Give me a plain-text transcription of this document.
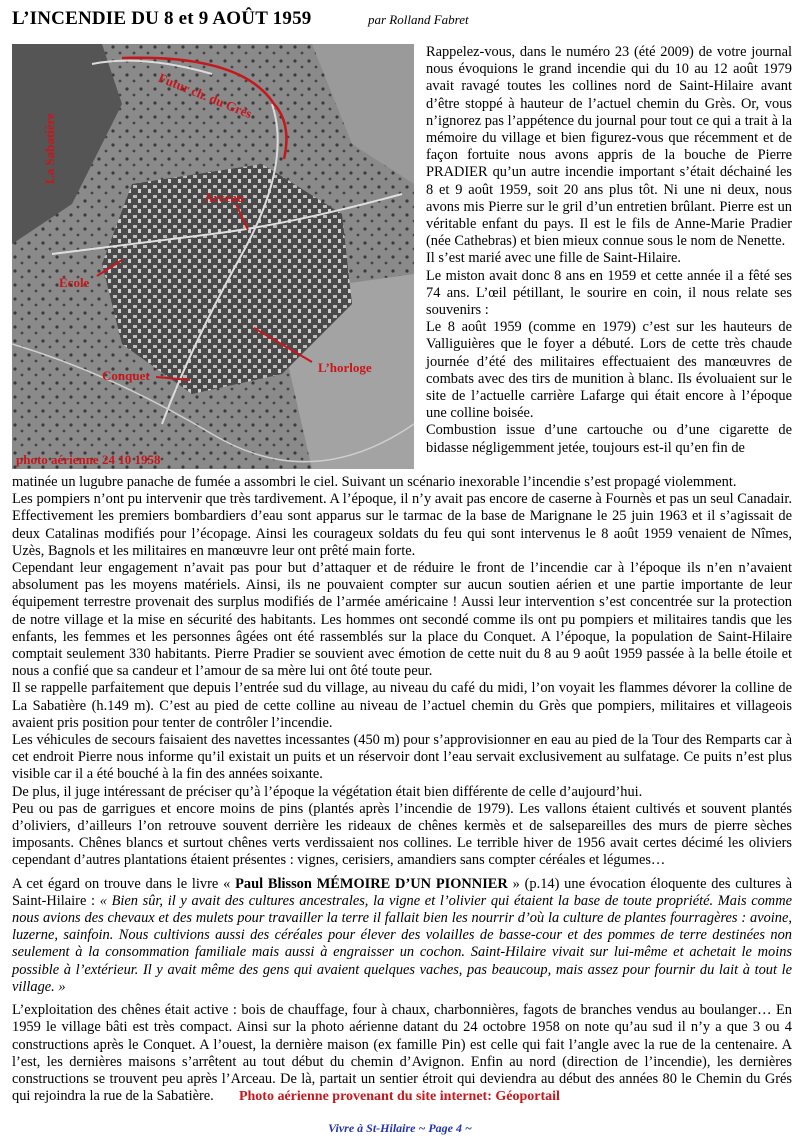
L’INCENDIE DU 8 et 9 AOÛT 1959	par Rolland Fabret
Futur ch. du Grès
La Sabatière
Arceau
École
L’horloge
Conquet
photo aérienne 24 10 1958

Rappelez-vous, dans le numéro 23 (été 2009) de votre journal nous évoquions le grand incendie qui du 10 au 12 août 1979 avait ravagé toutes les collines nord de Saint-Hilaire avant d’être stoppé à hauteur de l’actuel chemin du Grès. Or, vous n’ignorez pas l’appétence du journal pour tout ce qui a trait à la mémoire du village et bien figurez-vous que récemment et de façon fortuite nous avons appris de la bouche de Pierre PRADIER qu’un autre incendie important s’était déchainé les 8 et 9 août 1959, soit 20 ans plus tôt. Ni une ni deux, nous avons mis Pierre sur le gril d’un entretien brûlant. Pierre est un véritable enfant du pays. Il est le fils de Anne-Marie Pradier (née Cathebras) et bien mieux connue sous le nom de Nenette.

Il s’est marié avec une fille de Saint-Hilaire.

Le miston avait donc 8 ans en 1959 et cette année il a fêté ses 74 ans. L’œil pétillant, le sourire en coin, il nous relate ses souvenirs :

Le 8 août 1959 (comme en 1979) c’est sur les hauteurs de Valliguières que le foyer a débuté. Lors de cette très chaude journée d’été des militaires effectuaient des manœuvres de combats avec des tirs de munition à blanc. Ils évoluaient sur le site de l’actuelle carrière Lafarge qui était encore à l’époque une colline boisée.

Combustion issue d’une cartouche ou d’une cigarette de bidasse négligemment jetée, toujours est-il qu’en fin de

matinée un lugubre panache de fumée a assombri le ciel. Suivant un scénario inexorable l’incendie s’est propagé violemment.

Les pompiers n’ont pu intervenir que très tardivement. A l’époque, il n’y avait pas encore de caserne à Fournès et pas un seul Canadair. Effectivement les premiers bombardiers d’eau sont apparus sur le tarmac de la base de Marignane le 25 juin 1963 et il s’agissait de deux Catalinas modifiés pour l’écopage. Ainsi les courageux soldats du feu qui sont intervenus le 8 août 1959 venaient de Nîmes, Uzès, Bagnols et les militaires en manœuvre leur ont prêté main forte.

Cependant leur engagement n’avait pas pour but d’attaquer et de réduire le front de l’incendie car à l’époque ils n’en n’avaient absolument pas les moyens matériels. Ainsi, ils ne pouvaient compter sur aucun soutien aérien et une partie importante de leur équipement terrestre provenait des surplus modifiés de l’armée américaine ! Aussi leur intervention s’est concentrée sur la protection de notre village et la mise en sécurité des habitants. Les hommes ont secondé comme ils ont pu pompiers et militaires tandis que les enfants, les femmes et les personnes âgées ont été rassemblés sur la place du Conquet. A l’époque, la population de Saint-Hilaire comptait seulement 330 habitants. Pierre Pradier se souvient avec émotion de cette nuit du 8 au 9 août 1959 passée à la belle étoile et nous a confié que sa candeur et l’amour de sa mère lui ont ôté toute peur.

Il se rappelle parfaitement que depuis l’entrée sud du village, au niveau du café du midi, l’on voyait les flammes dévorer la colline de La Sabatière (h.149 m). C’est au pied de cette colline au niveau de l’actuel chemin du Grès que pompiers, militaires et villageois avaient pris position pour tenter de contrôler l’incendie.

Les véhicules de secours faisaient des navettes incessantes (450 m) pour s’approvisionner en eau au pied de la Tour des Remparts car à cet endroit Pierre nous informe qu’il existait un puits et un réservoir dont l’eau servait exclusivement au sulfatage. Ce puits n’est plus visible car il a été bouché à la fin des années soixante.

De plus, il juge intéressant de préciser qu’à l’époque la végétation était bien différente de celle d’aujourd’hui.

Peu ou pas de garrigues et encore moins de pins (plantés après l’incendie de 1979). Les vallons étaient cultivés et souvent plantés d’oliviers, d’ailleurs l’on retrouve souvent derrière les rideaux de chênes kermès et de salsepareilles des murs de pierre sèches imposants. Chênes blancs et surtout chênes verts verdissaient nos collines. Le terrible hiver de 1956 avait certes décimé les oliviers cependant d’autres plantations étaient présentes : vignes, cerisiers, amandiers sans compter céréales et légumes…

A cet égard on trouve dans le livre « Paul Blisson MÉMOIRE D’UN PIONNIER » (p.14) une évocation éloquente des cultures à Saint-Hilaire : « Bien sûr, il y avait des cultures ancestrales, la vigne et l’olivier qui étaient la base de toute propriété. Mais comme nous avions des chevaux et des mulets pour travailler la terre il fallait bien les nourrir d’où la culture de plantes fourragères : avoine, luzerne, sainfoin. Nous cultivions aussi des céréales pour élever des volailles de basse-cour et des pommes de terre destinées non seulement à la consommation familiale mais aussi à engraisser un cochon. Saint-Hilaire vivait sur lui-même et achetait le moins possible à l’extérieur. Il y avait même des gens qui avaient quelques vaches, pas beaucoup, mais assez pour fournir du lait à tout le village. »

L’exploitation des chênes était active : bois de chauffage, four à chaux, charbonnières, fagots de branches vendus au boulanger… En 1959 le village bâti est très compact. Ainsi sur la photo aérienne datant du 24 octobre 1958 on note qu’au sud il n’y a que 3 ou 4 constructions après le Conquet. A l’ouest, la dernière maison (ex famille Pin) est celle qui fait l’angle avec la rue de la centenaire. A l’est, les dernières maisons s’arrêtent au tout début du chemin d’Avignon. Enfin au nord (direction de l’incendie), les dernières constructions se trouvent peu après l’Arceau. De là, partait un sentier étroit qui deviendra au début des années 80 le Chemin du Grés qui rejoindra la rue de la Sabatière. Photo aérienne provenant du site internet: Géoportail

Vivre à St-Hilaire ~ Page 4 ~
